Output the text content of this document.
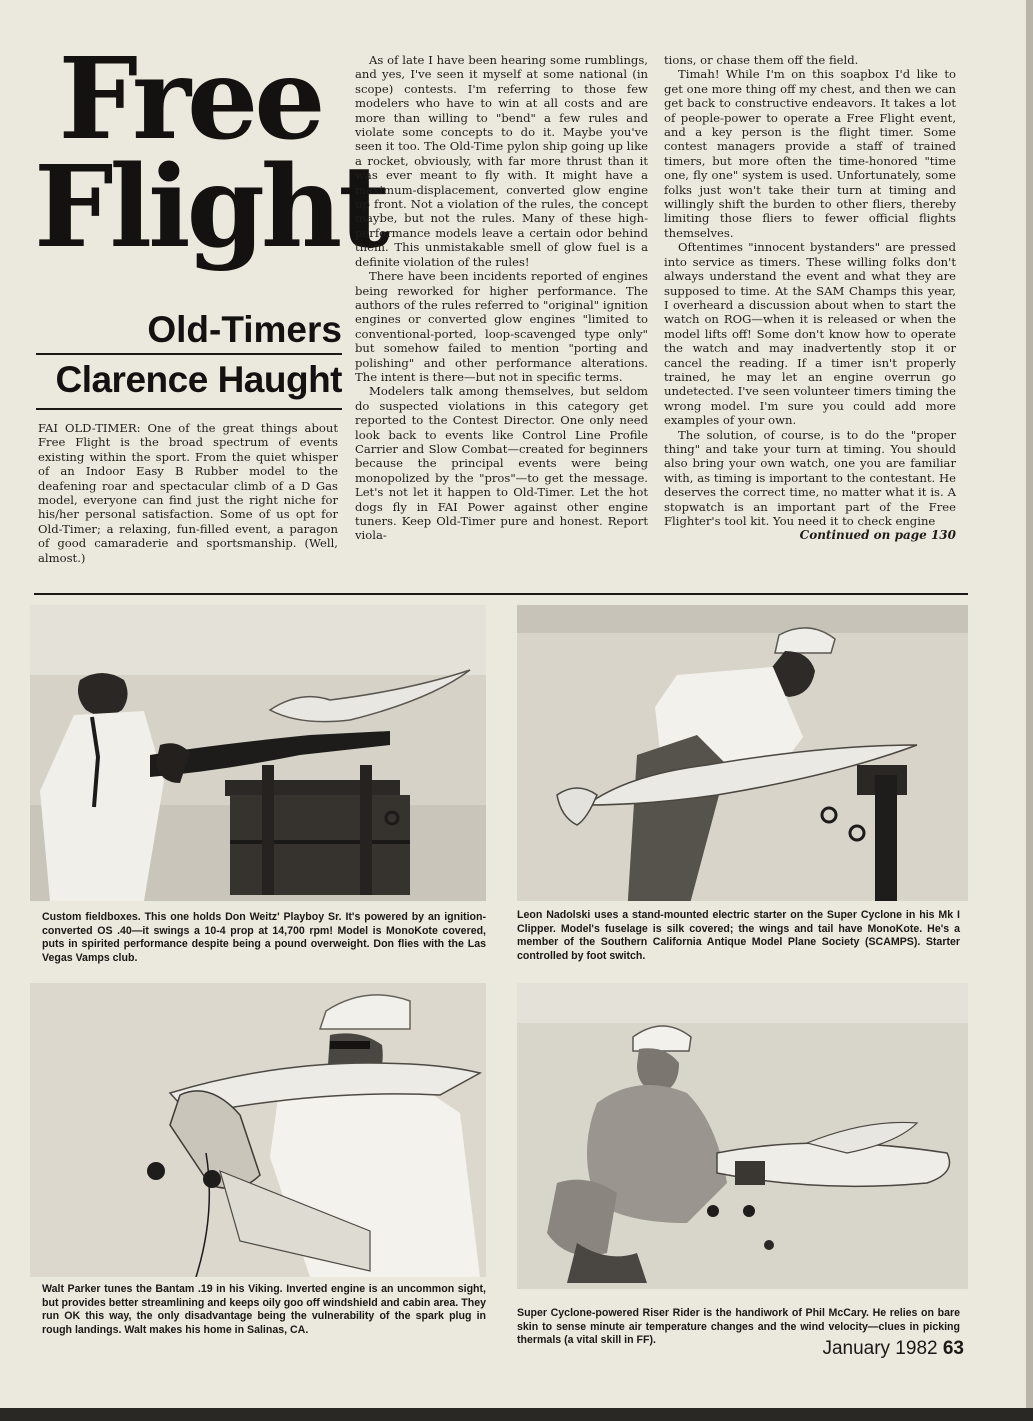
Free
Flight
Old-Timers
Clarence Haught

FAI OLD-TIMER: One of the great things about Free Flight is the broad spectrum of events existing within the sport. From the quiet whisper of an Indoor Easy B Rubber model to the deafening roar and spectacular climb of a D Gas model, everyone can find just the right niche for his/her personal satisfaction. Some of us opt for Old-Timer; a relaxing, fun-filled event, a paragon of good camaraderie and sportsmanship. (Well, almost.)

As of late I have been hearing some rumblings, and yes, I've seen it myself at some national (in scope) contests. I'm referring to those few modelers who have to win at all costs and are more than willing to "bend" a few rules and violate some concepts to do it. Maybe you've seen it too. The Old-Time pylon ship going up like a rocket, obviously, with far more thrust than it was ever meant to fly with. It might have a maximum-displacement, converted glow engine up front. Not a violation of the rules, the concept maybe, but not the rules. Many of these high-performance models leave a certain odor behind them. This unmistakable smell of glow fuel is a definite violation of the rules!

There have been incidents reported of engines being reworked for higher performance. The authors of the rules referred to "original" ignition engines or converted glow engines "limited to conventional-ported, loop-scavenged type only" but somehow failed to mention "porting and polishing" and other performance alterations. The intent is there—but not in specific terms.

Modelers talk among themselves, but seldom do suspected violations in this category get reported to the Contest Director. One only need look back to events like Control Line Profile Carrier and Slow Combat—created for beginners because the principal events were being monopolized by the "pros"—to get the message. Let's not let it happen to Old-Timer. Let the hot dogs fly in FAI Power against other engine tuners. Keep Old-Timer pure and honest. Report viola-

tions, or chase them off the field.

Timah! While I'm on this soapbox I'd like to get one more thing off my chest, and then we can get back to constructive endeavors. It takes a lot of people-power to operate a Free Flight event, and a key person is the flight timer. Some contest managers provide a staff of trained timers, but more often the time-honored "time one, fly one" system is used. Unfortunately, some folks just won't take their turn at timing and willingly shift the burden to other fliers, thereby limiting those fliers to fewer official flights themselves.

Oftentimes "innocent bystanders" are pressed into service as timers. These willing folks don't always understand the event and what they are supposed to time. At the SAM Champs this year, I overheard a discussion about when to start the watch on ROG—when it is released or when the model lifts off! Some don't know how to operate the watch and may inadvertently stop it or cancel the reading. If a timer isn't properly trained, he may let an engine overrun go undetected. I've seen volunteer timers timing the wrong model. I'm sure you could add more examples of your own.

The solution, of course, is to do the "proper thing" and take your turn at timing. You should also bring your own watch, one you are familiar with, as timing is important to the contestant. He deserves the correct time, no matter what it is. A stopwatch is an important part of the Free Flighter's tool kit. You need it to check engine

Continued on page 130
Custom fieldboxes. This one holds Don Weitz' Playboy Sr. It's powered by an ignition-converted OS .40—it swings a 10-4 prop at 14,700 rpm! Model is MonoKote covered, puts in spirited performance despite being a pound overweight. Don flies with the Las Vegas Vamps club.
Leon Nadolski uses a stand-mounted electric starter on the Super Cyclone in his Mk I Clipper. Model's fuselage is silk covered; the wings and tail have MonoKote. He's a member of the Southern California Antique Model Plane Society (SCAMPS). Starter controlled by foot switch.
Walt Parker tunes the Bantam .19 in his Viking. Inverted engine is an uncommon sight, but provides better streamlining and keeps oily goo off windshield and cabin area. They run OK this way, the only disadvantage being the vulnerability of the spark plug in rough landings. Walt makes his home in Salinas, CA.
Super Cyclone-powered Riser Rider is the handiwork of Phil McCary. He relies on bare skin to sense minute air temperature changes and the wind velocity—clues in picking thermals (a vital skill in FF).	January 1982 63
